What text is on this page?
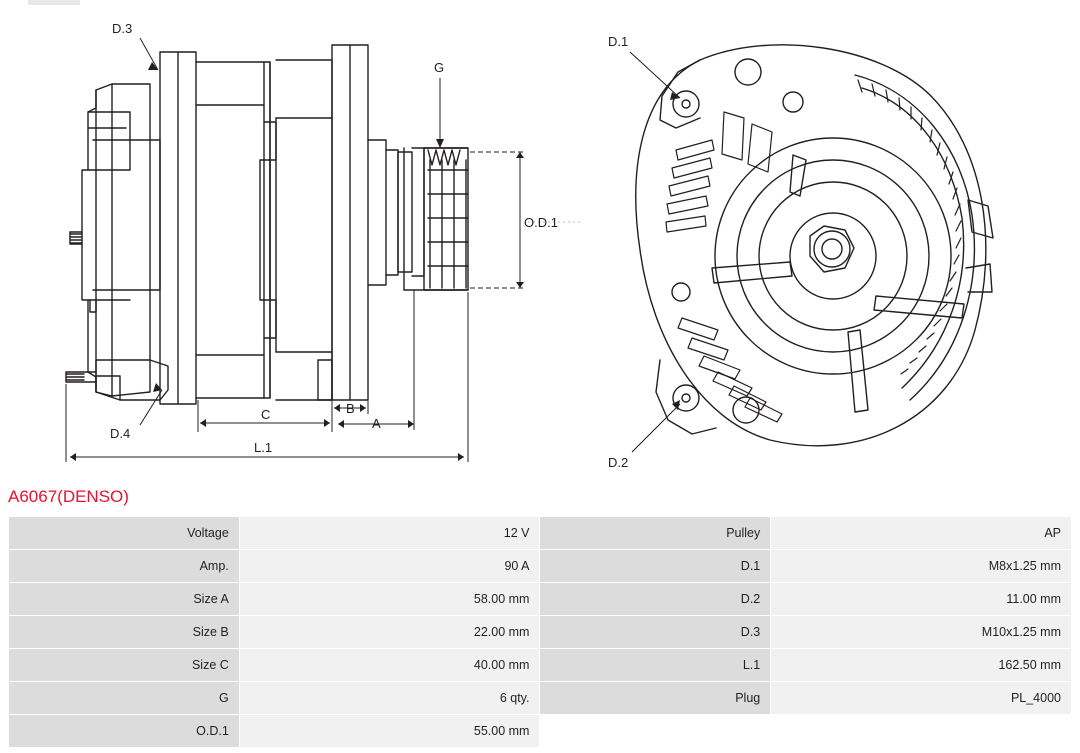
D.3
D.4
G
O.D.1
A
B
C
L.1
D.1
D.2
A6067(DENSO)
Voltage	12 V	Pulley	AP
Amp.	90 A	D.1	M8x1.25 mm
Size A	58.00 mm	D.2	11.00 mm
Size B	22.00 mm	D.3	M10x1.25 mm
Size C	40.00 mm	L.1	162.50 mm
G	6 qty.	Plug	PL_4000
O.D.1	55.00 mm		
